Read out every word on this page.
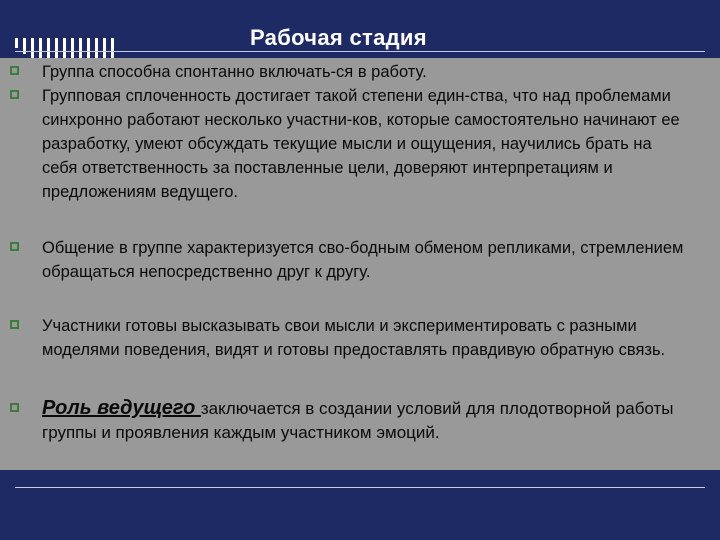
Рабочая стадия
Группа способна спонтанно включать-ся в работу.
Групповая сплоченность достигает такой степени един-ства, что над проблемами синхронно работают несколько участни-ков, которые самостоятельно начинают ее разработку, умеют обсуждать текущие мысли и ощущения, научились брать на себя ответственность за поставленные цели, доверяют интерпретациям и предложениям ведущего.
Общение в группе характеризуется сво-бодным обменом репликами, стремлением обращаться непосредственно друг к другу.
Участники готовы высказывать свои мысли и экспериментировать с разными моделями поведения, видят и готовы предоставлять правдивую обратную связь.
Роль ведущего заключается в создании условий для плодотворной работы группы и проявления каждым участником эмоций.
